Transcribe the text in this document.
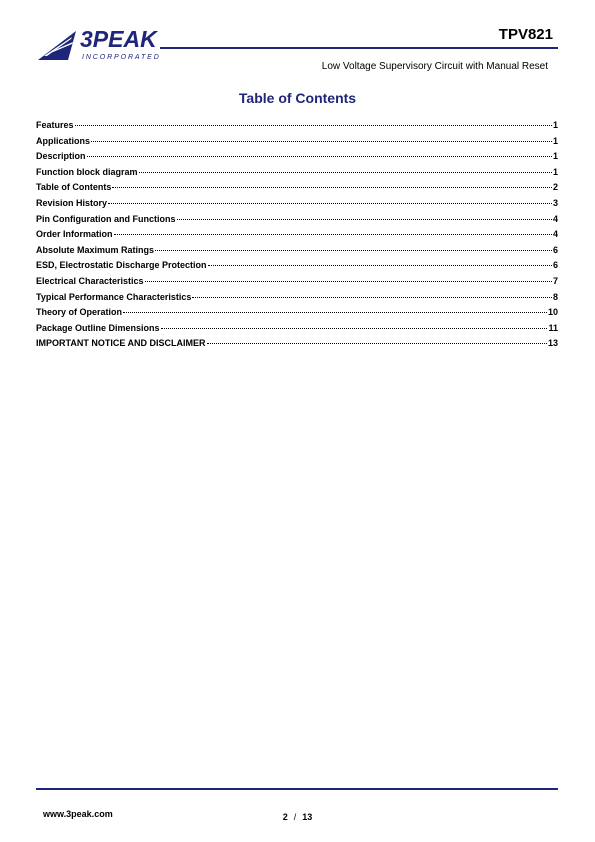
3PEAK
INCORPORATED
TPV821
Low Voltage Supervisory Circuit with Manual Reset
Table of Contents
Features	1
Applications	1
Description	1
Function block diagram	1
Table of Contents	2
Revision History	3
Pin Configuration and Functions	4
Order Information	4
Absolute Maximum Ratings	6
ESD, Electrostatic Discharge Protection	6
Electrical Characteristics	7
Typical Performance Characteristics	8
Theory of Operation	10
Package Outline Dimensions	11
IMPORTANT NOTICE AND DISCLAIMER	13
www.3peak.com	2 / 13
